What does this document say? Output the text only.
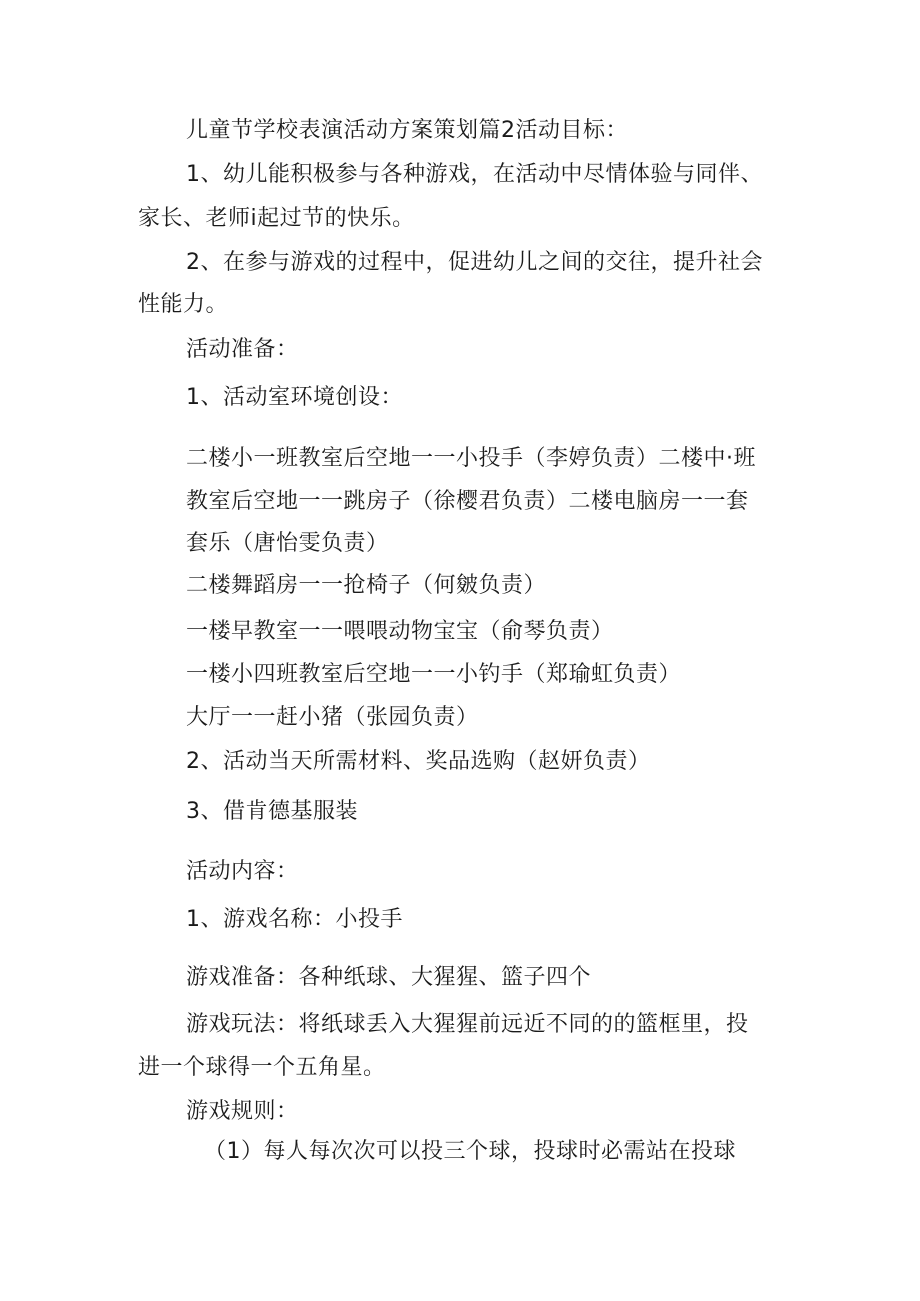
儿童节学校表演活动方案策划篇2活动目标：
1、幼儿能积极参与各种游戏，在活动中尽情体验与同伴、
家长、老师i起过节的快乐。
2、在参与游戏的过程中，促进幼儿之间的交往，提升社会
性能力。
活动准备：
1、活动室环境创设：
二楼小一班教室后空地一一小投手（李婷负责）二楼中·班
教室后空地一一跳房子（徐樱君负责）二楼电脑房一一套
套乐（唐怡雯负责）
二楼舞蹈房一一抢椅子（何皴负责）
一楼早教室一一喂喂动物宝宝（俞琴负责）
一楼小四班教室后空地一一小钓手（郑瑜虹负责）
大厅一一赶小猪（张园负责）
2、活动当天所需材料、奖品选购（赵妍负责）
3、借肯德基服装
活动内容：
1、游戏名称：小投手
游戏准备：各种纸球、大猩猩、篮子四个
游戏玩法：将纸球丢入大猩猩前远近不同的的篮框里，投
进一个球得一个五角星。
游戏规则：
（1）每人每次次可以投三个球，投球时必需站在投球
